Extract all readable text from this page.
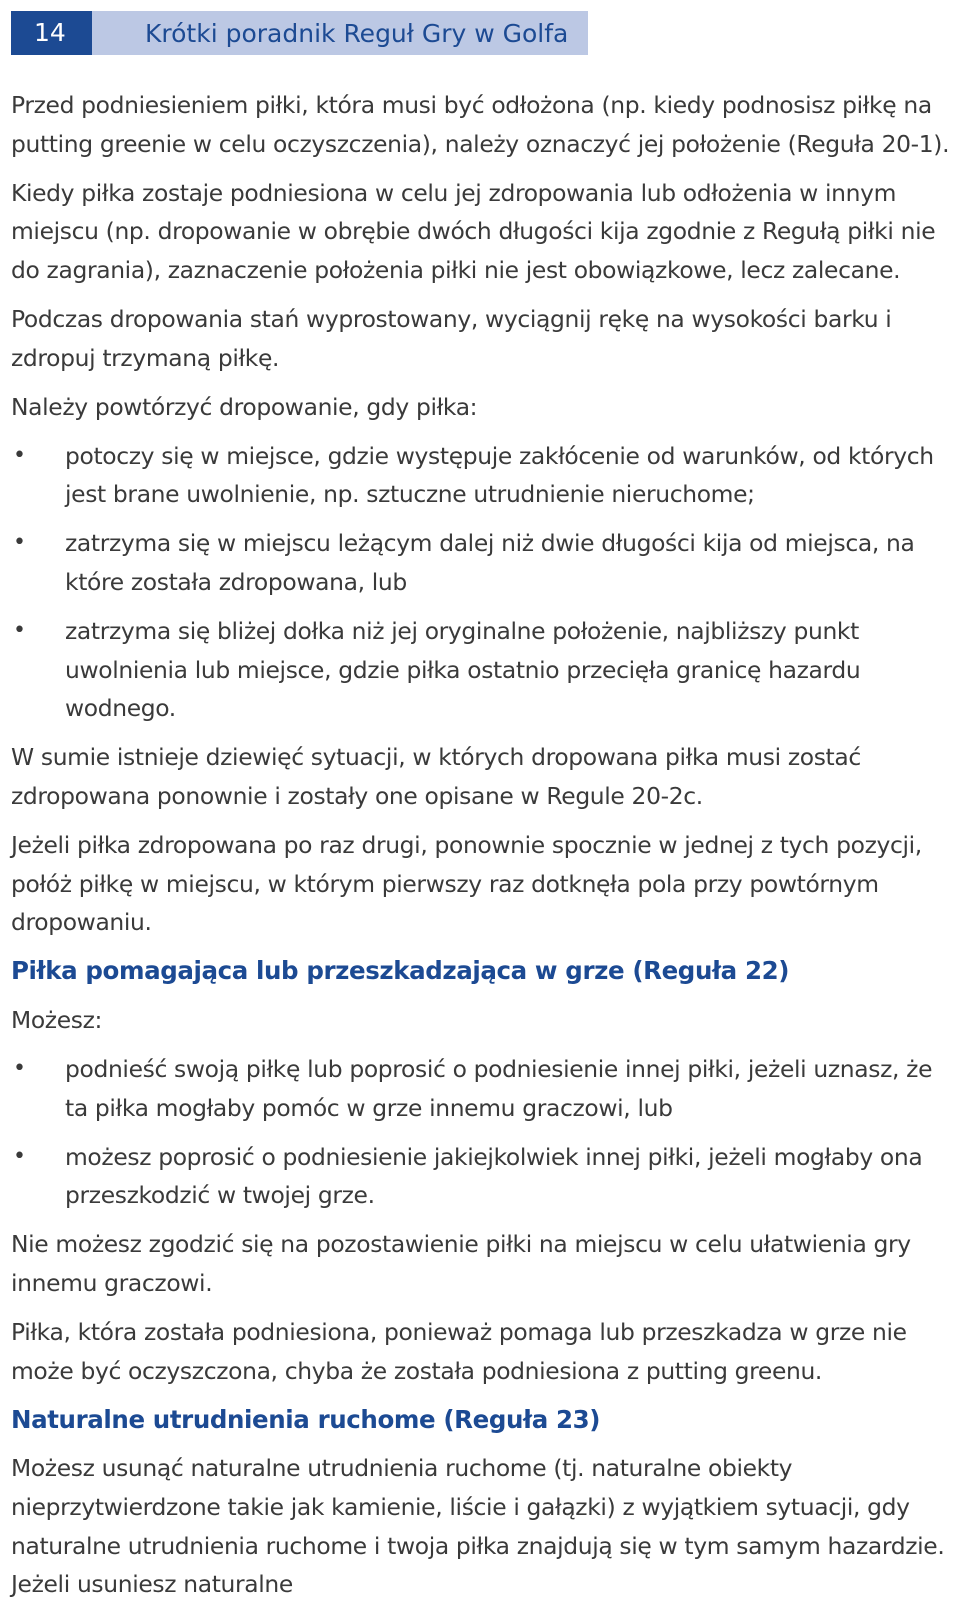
14	Krótki poradnik Reguł Gry w Golfa

Przed podniesieniem piłki, która musi być odłożona (np. kiedy podnosisz piłkę na putting greenie w celu oczyszczenia), należy oznaczyć jej położenie (Reguła 20-1).

Kiedy piłka zostaje podniesiona w celu jej zdropowania lub odłożenia w innym miejscu (np. dropowanie w obrębie dwóch długości kija zgodnie z Regułą piłki nie do zagrania), zaznaczenie położenia piłki nie jest obowiązkowe, lecz zalecane.

Podczas dropowania stań wyprostowany, wyciągnij rękę na wysokości barku i zdropuj trzymaną piłkę.

Należy powtórzyć dropowanie, gdy piłka:

• potoczy się w miejsce, gdzie występuje zakłócenie od warunków, od których jest brane uwolnienie, np. sztuczne utrudnienie nieruchome;
• zatrzyma się w miejscu leżącym dalej niż dwie długości kija od miejsca, na które została zdropowana, lub
• zatrzyma się bliżej dołka niż jej oryginalne położenie, najbliższy punkt uwolnienia lub miejsce, gdzie piłka ostatnio przecięła granicę hazardu wodnego.

W sumie istnieje dziewięć sytuacji, w których dropowana piłka musi zostać zdropowana ponownie i zostały one opisane w Regule 20-2c.

Jeżeli piłka zdropowana po raz drugi, ponownie spocznie w jednej z tych pozycji, połóż piłkę w miejscu, w którym pierwszy raz dotknęła pola przy powtórnym dropowaniu.

Piłka pomagająca lub przeszkadzająca w grze (Reguła 22)

Możesz:

• podnieść swoją piłkę lub poprosić o podniesienie innej piłki, jeżeli uznasz, że ta piłka mogłaby pomóc w grze innemu graczowi, lub
• możesz poprosić o podniesienie jakiejkolwiek innej piłki, jeżeli mogłaby ona przeszkodzić w twojej grze.

Nie możesz zgodzić się na pozostawienie piłki na miejscu w celu ułatwienia gry innemu graczowi.

Piłka, która została podniesiona, ponieważ pomaga lub przeszkadza w grze nie może być oczyszczona, chyba że została podniesiona z putting greenu.

Naturalne utrudnienia ruchome (Reguła 23)

Możesz usunąć naturalne utrudnienia ruchome (tj. naturalne obiekty nieprzytwierdzone takie jak kamienie, liście i gałązki) z wyjątkiem sytuacji, gdy naturalne utrudnienia ruchome i twoja piłka znajdują się w tym samym hazardzie. Jeżeli usuniesz naturalne
